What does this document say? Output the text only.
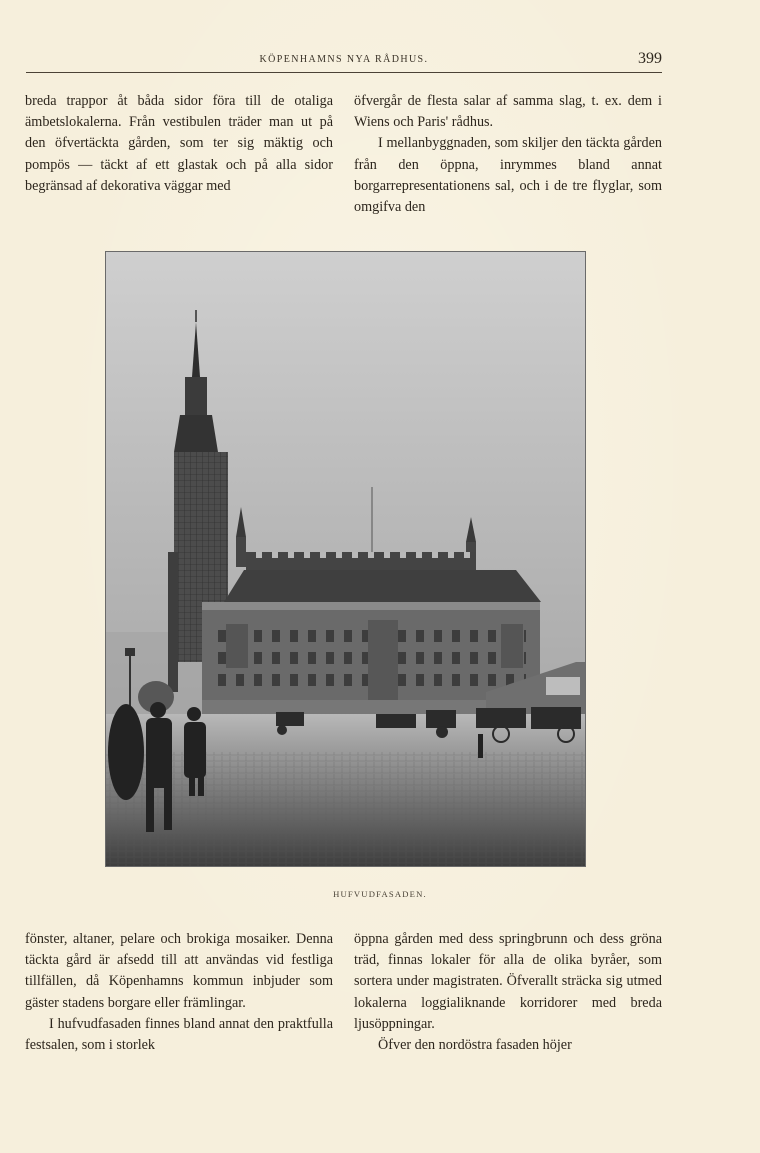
KÖPENHAMNS NYA RÅDHUS.	399

breda trappor åt båda sidor föra till de otaliga ämbetslokalerna. Från vestibulen träder man ut på den öfvertäckta gården, som ter sig mäktig och pompös — täckt af ett glastak och på alla sidor begränsad af dekorativa väggar med

öfvergår de flesta salar af samma slag, t. ex. dem i Wiens och Paris' rådhus.

I mellanbyggnaden, som skiljer den täckta gården från den öppna, inrymmes bland annat borgarrepresentationens sal, och i de tre flyglar, som omgifva den

HUFVUDFASADEN.

fönster, altaner, pelare och brokiga mosaiker. Denna täckta gård är afsedd till att användas vid festliga tillfällen, då Köpenhamns kommun inbjuder som gäster stadens borgare eller främlingar.

I hufvudfasaden finnes bland annat den praktfulla festsalen, som i storlek

öppna gården med dess springbrunn och dess gröna träd, finnas lokaler för alla de olika byråer, som sortera under magistraten. Öfverallt sträcka sig utmed lokalerna loggialiknande korridorer med breda ljusöppningar.

Öfver den nordöstra fasaden höjer
